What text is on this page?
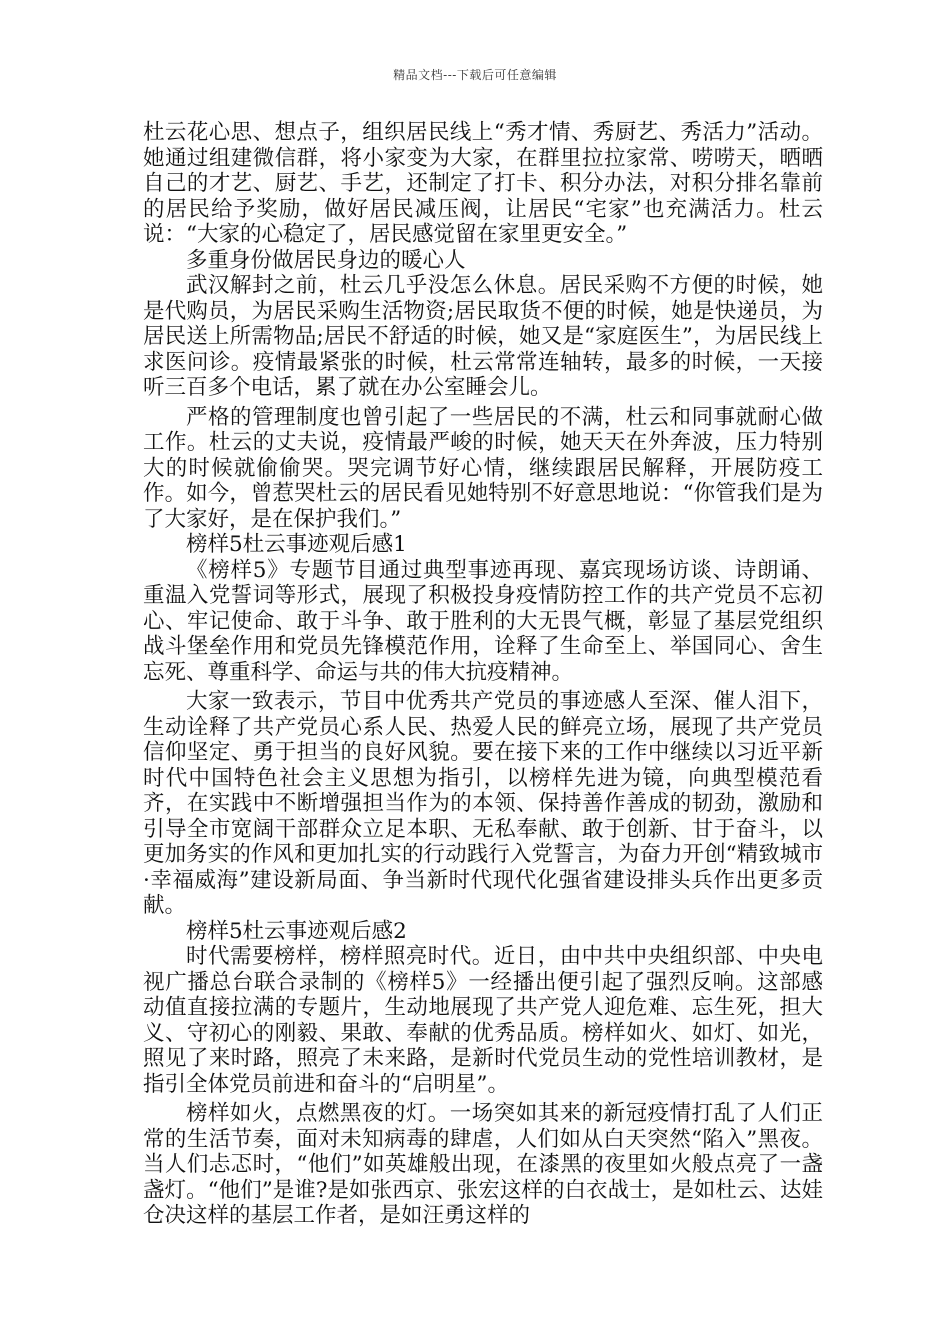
精品文档---下载后可任意编辑

杜云花心思、想点子，组织居民线上“秀才情、秀厨艺、秀活力”活动。她通过组建微信群，将小家变为大家，在群里拉拉家常、唠唠天，晒晒自己的才艺、厨艺、手艺，还制定了打卡、积分办法，对积分排名靠前的居民给予奖励，做好居民减压阀，让居民“宅家”也充满活力。杜云说：“大家的心稳定了，居民感觉留在家里更安全。”

多重身份做居民身边的暖心人

武汉解封之前，杜云几乎没怎么休息。居民采购不方便的时候，她是代购员，为居民采购生活物资;居民取货不便的时候，她是快递员，为居民送上所需物品;居民不舒适的时候，她又是“家庭医生”，为居民线上求医问诊。疫情最紧张的时候，杜云常常连轴转，最多的时候，一天接听三百多个电话，累了就在办公室睡会儿。

严格的管理制度也曾引起了一些居民的不满，杜云和同事就耐心做工作。杜云的丈夫说，疫情最严峻的时候，她天天在外奔波，压力特别大的时候就偷偷哭。哭完调节好心情，继续跟居民解释，开展防疫工作。如今，曾惹哭杜云的居民看见她特别不好意思地说：“你管我们是为了大家好，是在保护我们。”

榜样5杜云事迹观后感1

《榜样5》专题节目通过典型事迹再现、嘉宾现场访谈、诗朗诵、重温入党誓词等形式，展现了积极投身疫情防控工作的共产党员不忘初心、牢记使命、敢于斗争、敢于胜利的大无畏气概，彰显了基层党组织战斗堡垒作用和党员先锋模范作用，诠释了生命至上、举国同心、舍生忘死、尊重科学、命运与共的伟大抗疫精神。

大家一致表示，节目中优秀共产党员的事迹感人至深、催人泪下，生动诠释了共产党员心系人民、热爱人民的鲜亮立场，展现了共产党员信仰坚定、勇于担当的良好风貌。要在接下来的工作中继续以习近平新时代中国特色社会主义思想为指引，以榜样先进为镜，向典型模范看齐，在实践中不断增强担当作为的本领、保持善作善成的韧劲，激励和引导全市宽阔干部群众立足本职、无私奉献、敢于创新、甘于奋斗，以更加务实的作风和更加扎实的行动践行入党誓言，为奋力开创“精致城市·幸福威海”建设新局面、争当新时代现代化强省建设排头兵作出更多贡献。

榜样5杜云事迹观后感2

时代需要榜样，榜样照亮时代。近日，由中共中央组织部、中央电视广播总台联合录制的《榜样5》一经播出便引起了强烈反响。这部感动值直接拉满的专题片，生动地展现了共产党人迎危难、忘生死，担大义、守初心的刚毅、果敢、奉献的优秀品质。榜样如火、如灯、如光，照见了来时路，照亮了未来路，是新时代党员生动的党性培训教材，是指引全体党员前进和奋斗的“启明星”。

榜样如火，点燃黑夜的灯。一场突如其来的新冠疫情打乱了人们正常的生活节奏，面对未知病毒的肆虐，人们如从白天突然“陷入”黑夜。当人们忐忑时，“他们”如英雄般出现，在漆黑的夜里如火般点亮了一盏盏灯。“他们”是谁?是如张西京、张宏这样的白衣战士，是如杜云、达娃仓决这样的基层工作者，是如汪勇这样的
